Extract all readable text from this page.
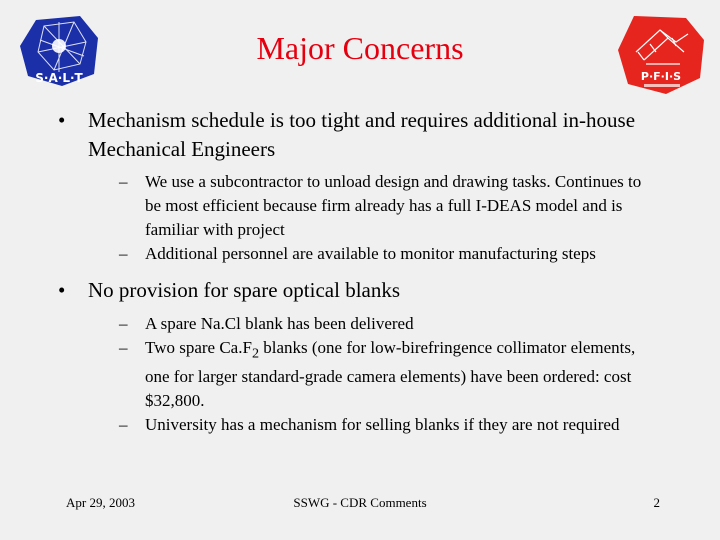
S·A·L·T
Major Concerns
P·F·I·S
•	Mechanism schedule is too tight and requires additional in-house Mechanical Engineers
–	We use a subcontractor to unload design and drawing tasks. Continues to be most efficient because firm already has a full I-DEAS model and is familiar with project
–	Additional personnel are available to monitor manufacturing steps
•	No provision for spare optical blanks
–	A spare Na.Cl blank has been delivered
–	Two spare $Ca.F_2$ blanks (one for low-birefringence collimator elements, one for larger standard-grade camera elements) have been ordered: cost $32,800.
–	University has a mechanism for selling blanks if they are not required
Apr 29, 2003	SSWG - CDR Comments	2
